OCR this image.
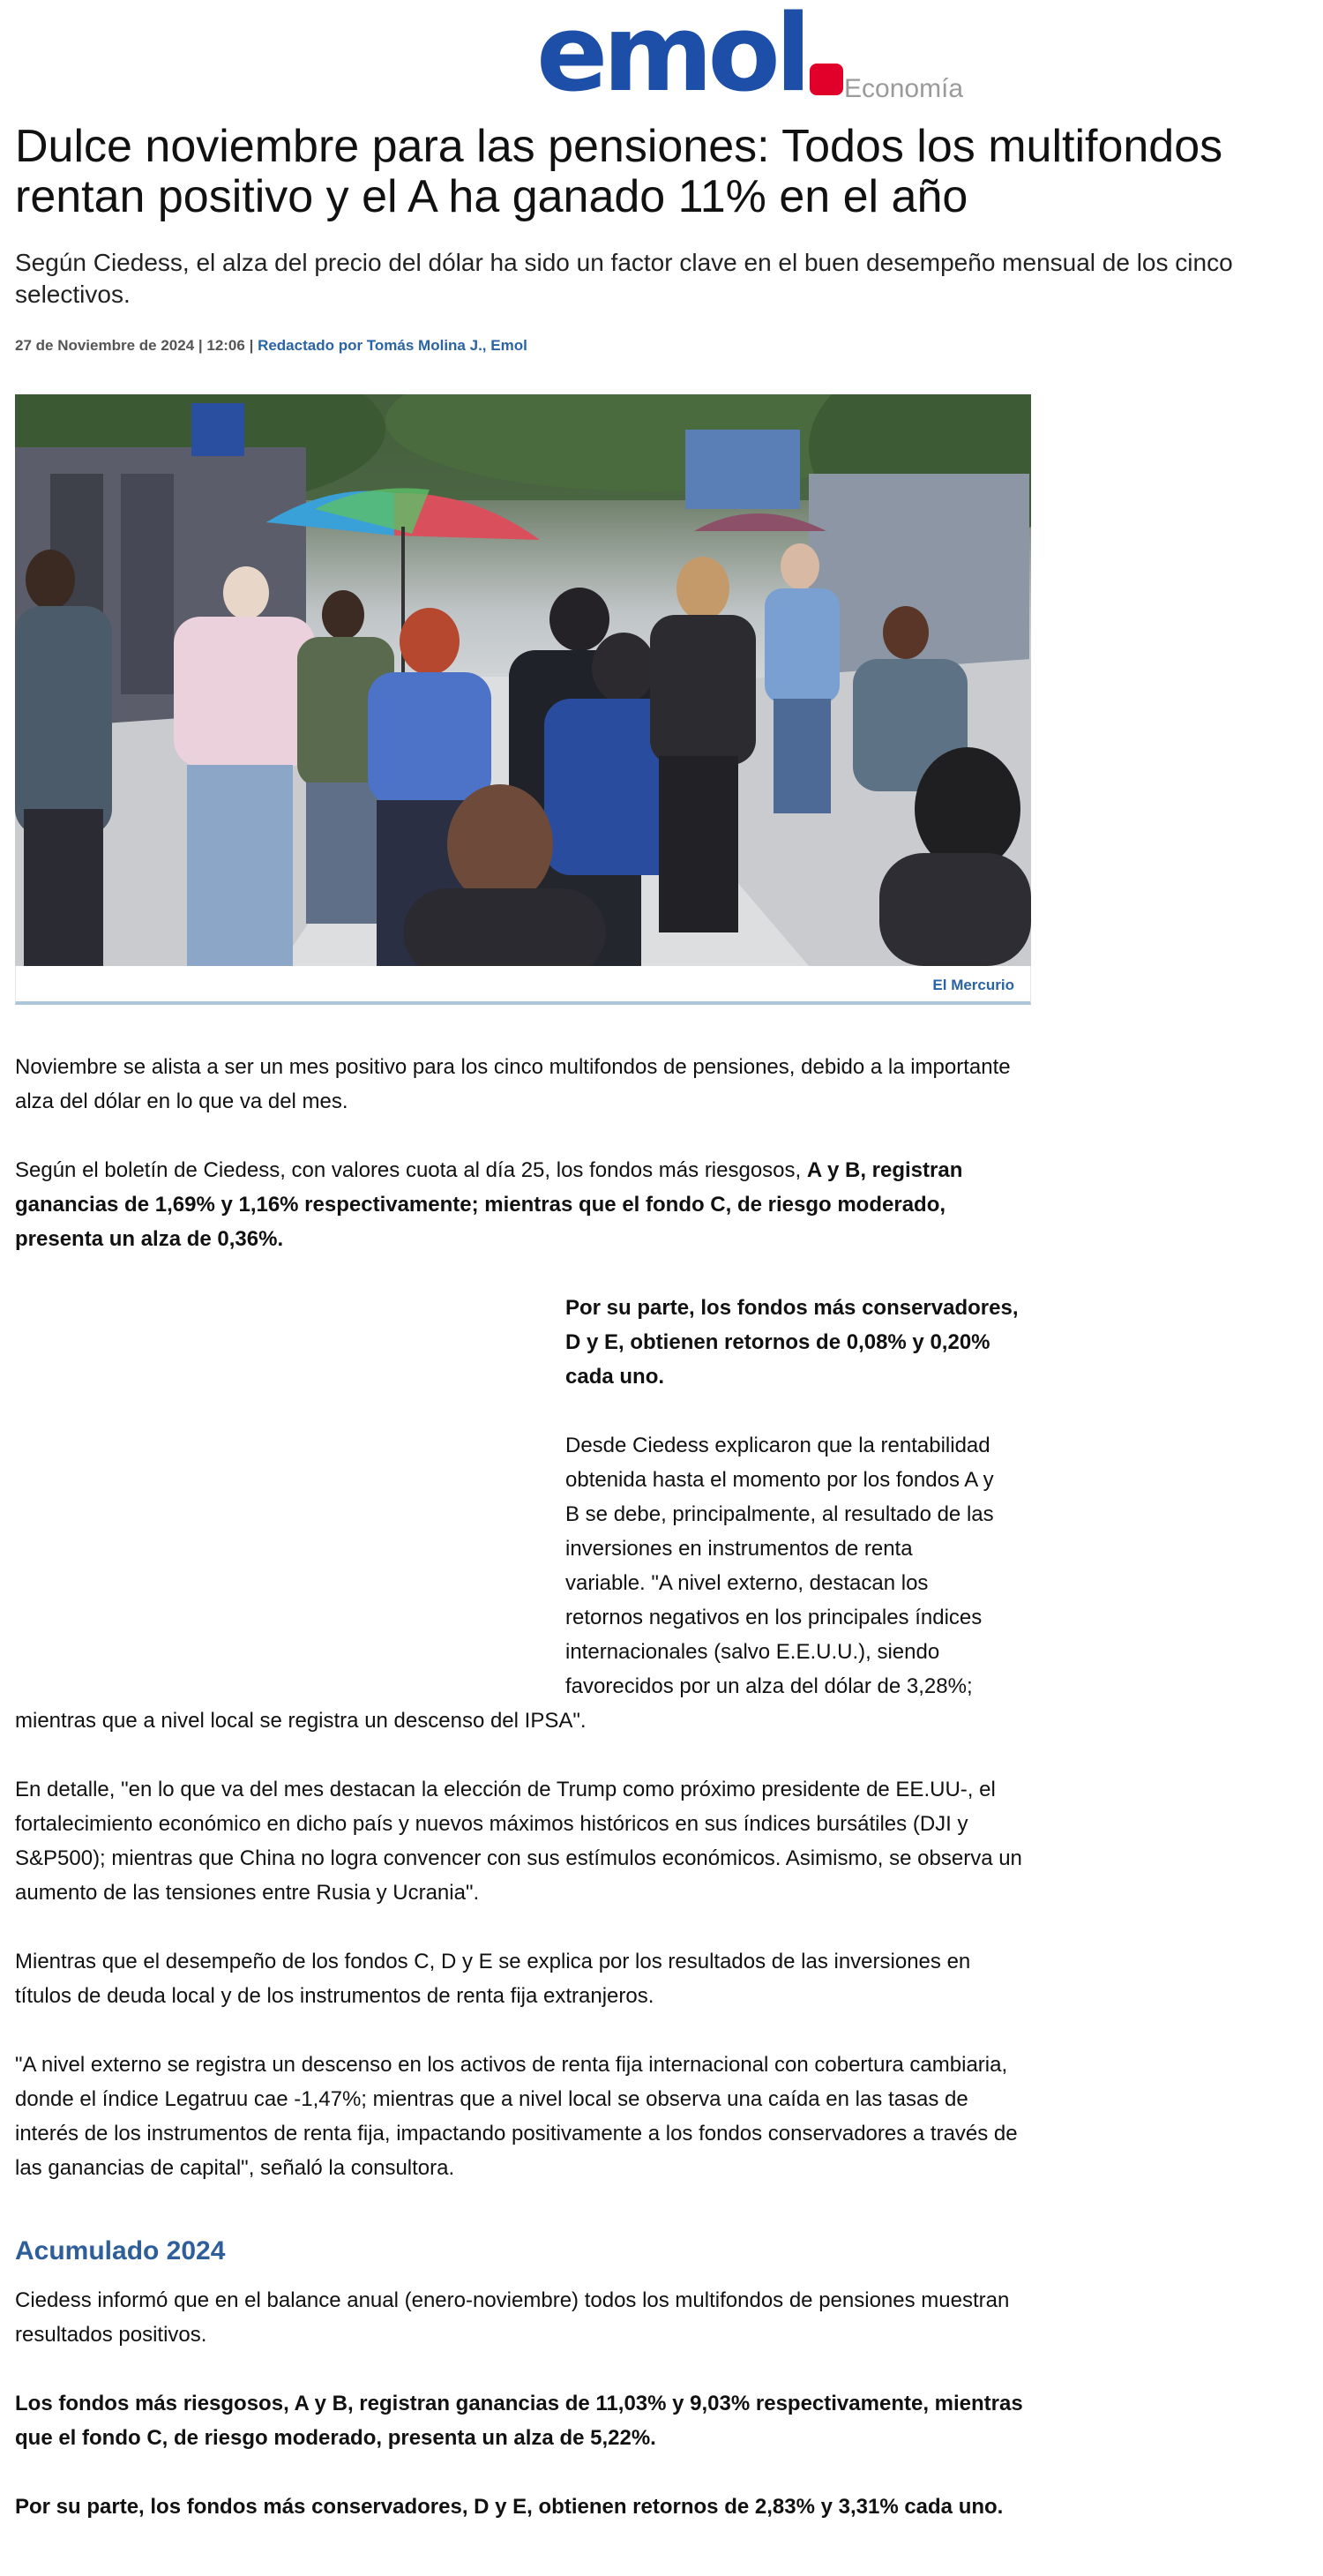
emol Economía
Dulce noviembre para las pensiones: Todos los multifondos rentan positivo y el A ha ganado 11% en el año

Según Ciedess, el alza del precio del dólar ha sido un factor clave en el buen desempeño mensual de los cinco selectivos.

27 de Noviembre de 2024 | 12:06 | Redactado por Tomás Molina J., Emol
El Mercurio

Noviembre se alista a ser un mes positivo para los cinco multifondos de pensiones, debido a la importante alza del dólar en lo que va del mes.

Según el boletín de Ciedess, con valores cuota al día 25, los fondos más riesgosos, A y B, registran ganancias de 1,69% y 1,16% respectivamente; mientras que el fondo C, de riesgo moderado, presenta un alza de 0,36%.

Por su parte, los fondos más conservadores, D y E, obtienen retornos de 0,08% y 0,20% cada uno.

Desde Ciedess explicaron que la rentabilidad
obtenida hasta el momento por los fondos A y
B se debe, principalmente, al resultado de las
inversiones en instrumentos de renta
variable. "A nivel externo, destacan los
retornos negativos en los principales índices
internacionales (salvo E.E.U.U.), siendo
favorecidos por un alza del dólar de 3,28%;

mientras que a nivel local se registra un descenso del IPSA".

En detalle, "en lo que va del mes destacan la elección de Trump como próximo presidente de EE.UU-, el fortalecimiento económico en dicho país y nuevos máximos históricos en sus índices bursátiles (DJI y S&P500); mientras que China no logra convencer con sus estímulos económicos. Asimismo, se observa un aumento de las tensiones entre Rusia y Ucrania".

Mientras que el desempeño de los fondos C, D y E se explica por los resultados de las inversiones en títulos de deuda local y de los instrumentos de renta fija extranjeros.

"A nivel externo se registra un descenso en los activos de renta fija internacional con cobertura cambiaria, donde el índice Legatruu cae -1,47%; mientras que a nivel local se observa una caída en las tasas de interés de los instrumentos de renta fija, impactando positivamente a los fondos conservadores a través de las ganancias de capital", señaló la consultora.

Acumulado 2024

Ciedess informó que en el balance anual (enero-noviembre) todos los multifondos de pensiones muestran resultados positivos.

Los fondos más riesgosos, A y B, registran ganancias de 11,03% y 9,03% respectivamente, mientras que el fondo C, de riesgo moderado, presenta un alza de 5,22%.

Por su parte, los fondos más conservadores, D y E, obtienen retornos de 2,83% y 3,31% cada uno.
